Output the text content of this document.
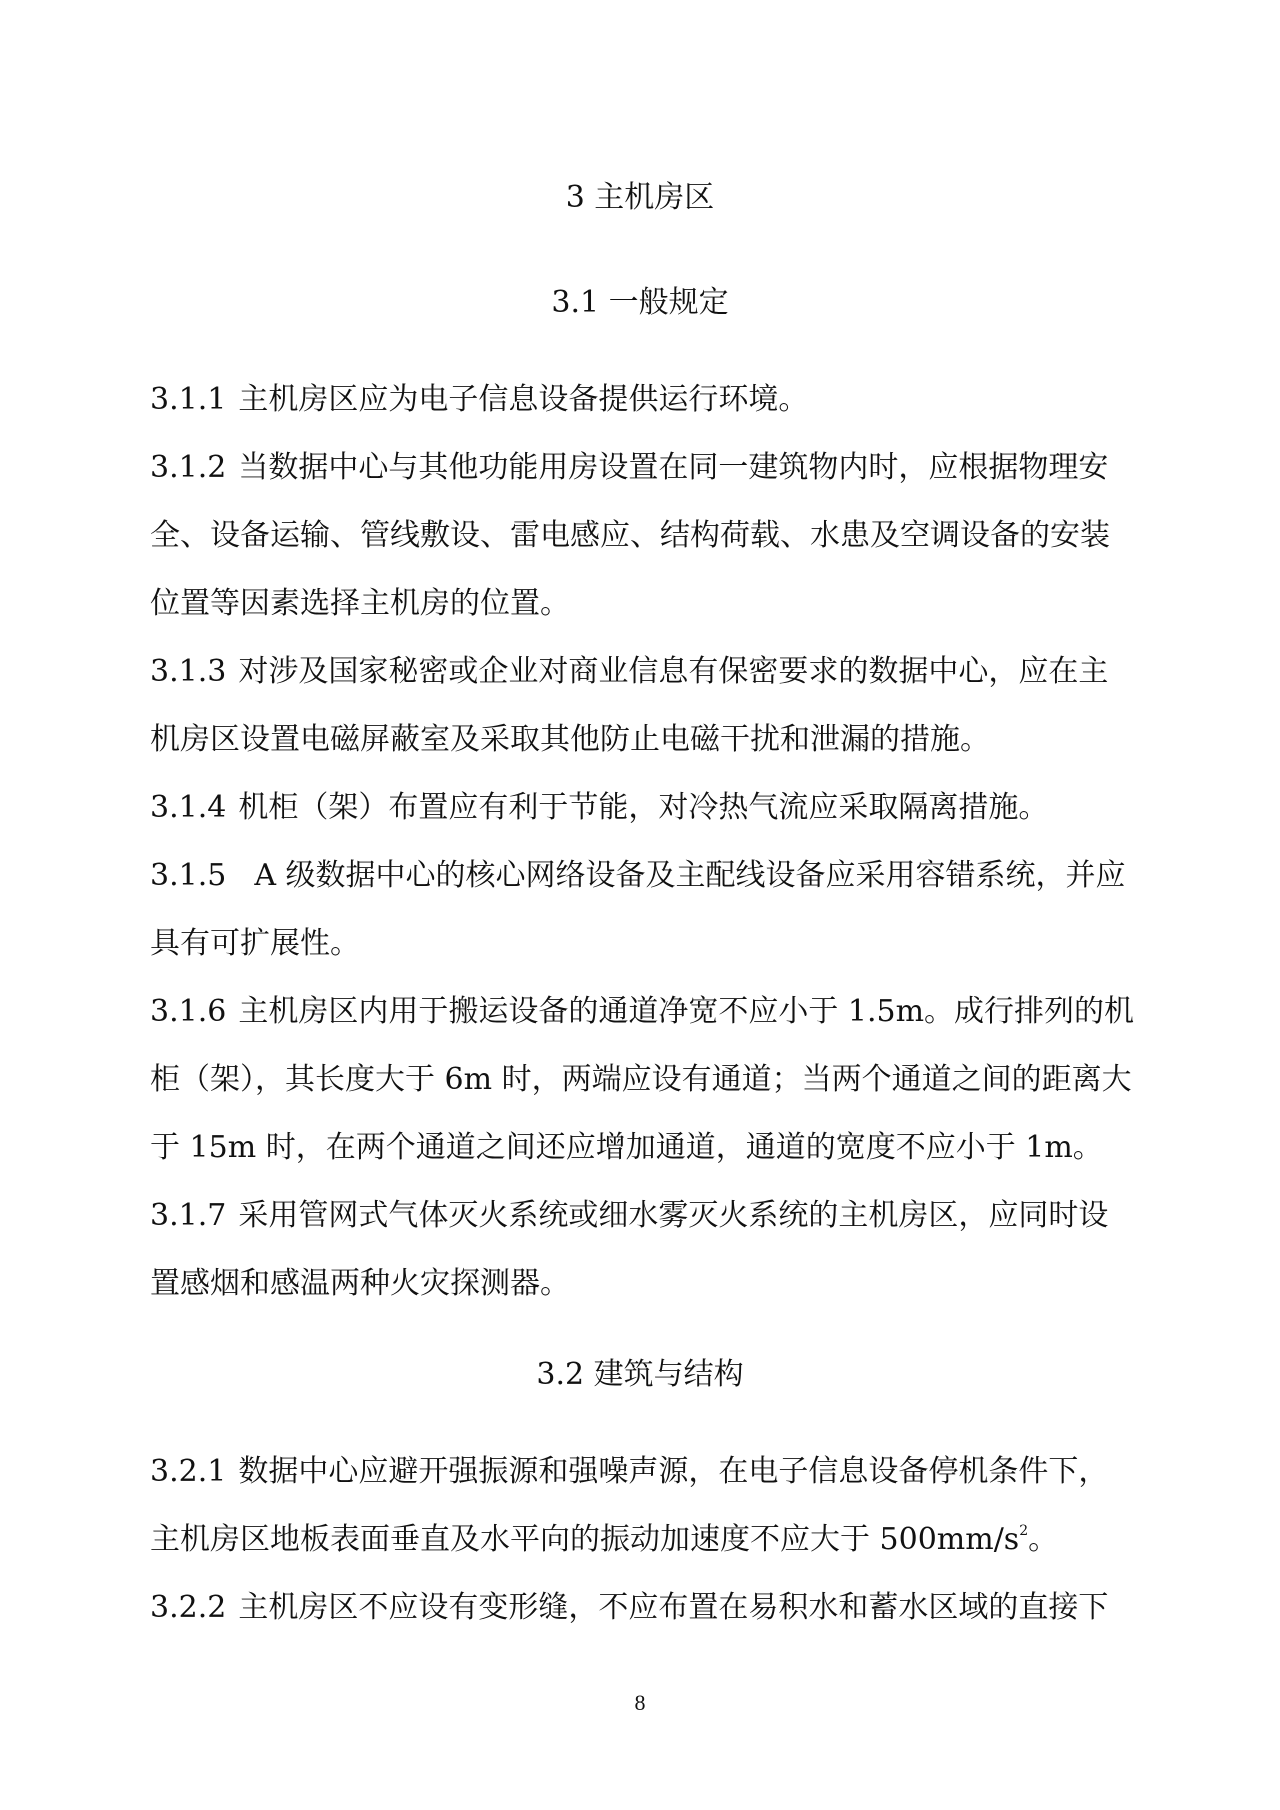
3 主机房区
3.1 一般规定
3.1.1 主机房区应为电子信息设备提供运行环境。
3.1.2 当数据中心与其他功能用房设置在同一建筑物内时，应根据物理安
全、设备运输、管线敷设、雷电感应、结构荷载、水患及空调设备的安装
位置等因素选择主机房的位置。
3.1.3 对涉及国家秘密或企业对商业信息有保密要求的数据中心，应在主
机房区设置电磁屏蔽室及采取其他防止电磁干扰和泄漏的措施。
3.1.4 机柜（架）布置应有利于节能，对冷热气流应采取隔离措施。
3.1.5 A 级数据中心的核心网络设备及主配线设备应采用容错系统，并应
具有可扩展性。
3.1.6 主机房区内用于搬运设备的通道净宽不应小于 1.5m。成行排列的机
柜（架），其长度大于 6m 时，两端应设有通道；当两个通道之间的距离大
于 15m 时，在两个通道之间还应增加通道，通道的宽度不应小于 1m。
3.1.7 采用管网式气体灭火系统或细水雾灭火系统的主机房区，应同时设
置感烟和感温两种火灾探测器。
3.2 建筑与结构
3.2.1 数据中心应避开强振源和强噪声源，在电子信息设备停机条件下，
主机房区地板表面垂直及水平向的振动加速度不应大于 $500mm/s^2$。
3.2.2 主机房区不应设有变形缝，不应布置在易积水和蓄水区域的直接下
8
